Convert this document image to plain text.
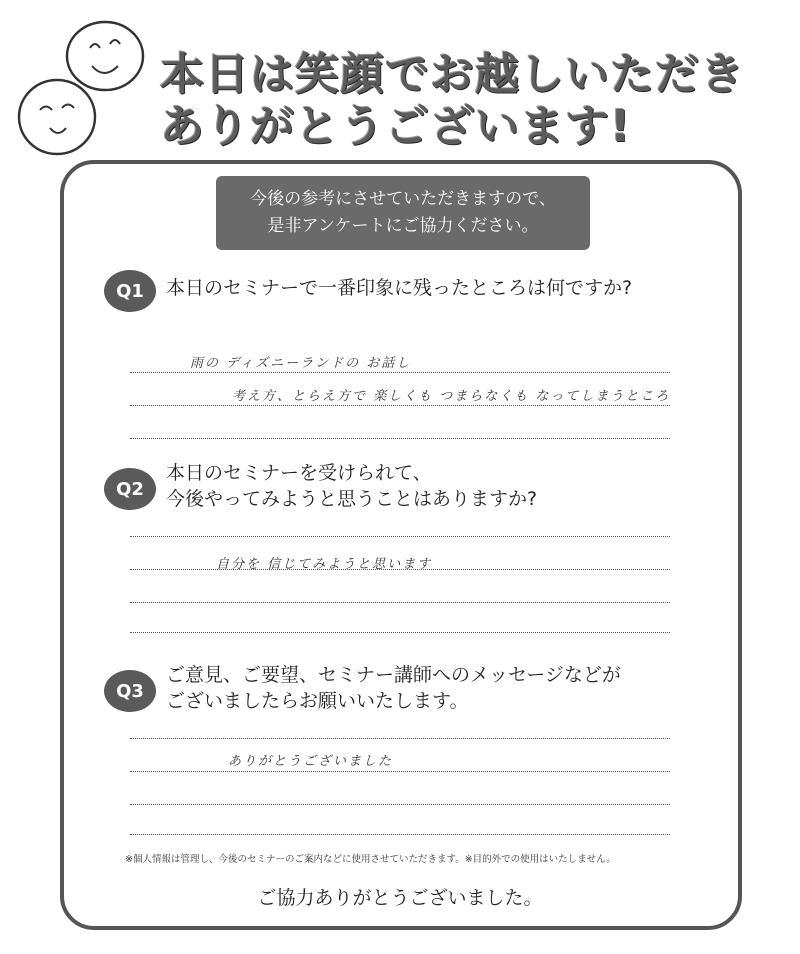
本日は笑顔でお越しいただき
ありがとうございます!
今後の参考にさせていただきますので、
是非アンケートにご協力ください。
Q1	本日のセミナーで一番印象に残ったところは何ですか?
雨の ディズニーランドの お話し
考え方、とらえ方で 楽しくも つまらなくも なってしまうところ
Q2
本日のセミナーを受けられて、
今後やってみようと思うことはありますか?
自分を 信じてみようと思います
Q3
ご意見、ご要望、セミナー講師へのメッセージなどが
ございましたらお願いいたします。
ありがとうございました
※個人情報は管理し、今後のセミナーのご案内などに使用させていただきます。※目的外での使用はいたしません。
ご協力ありがとうございました。
